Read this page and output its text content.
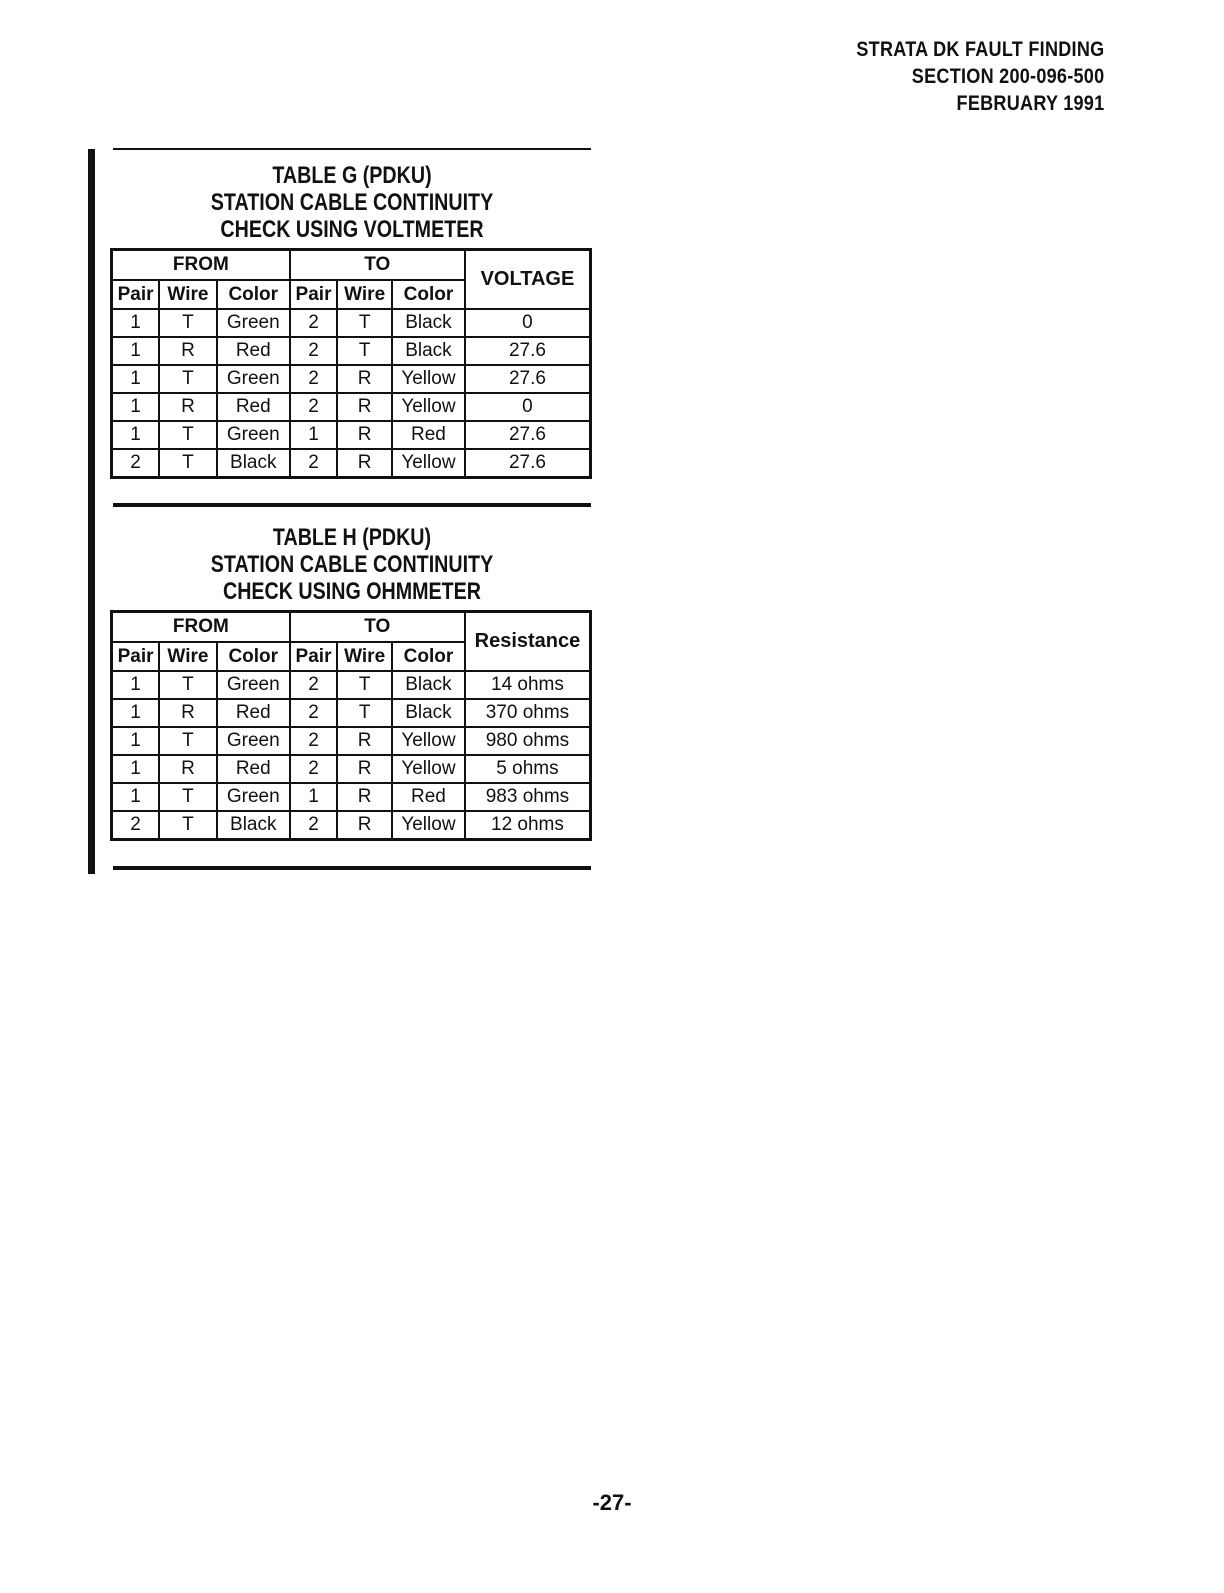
STRATA DK FAULT FINDING
SECTION 200-096-500
FEBRUARY 1991
TABLE G (PDKU)
STATION CABLE CONTINUITY
CHECK USING VOLTMETER
FROM			TO			VOLTAGE
Pair	Wire	Color	Pair	Wire	Color	
1	T	Green	2	T	Black	0
1	R	Red	2	T	Black	27.6
1	T	Green	2	R	Yellow	27.6
1	R	Red	2	R	Yellow	0
1	T	Green	1	R	Red	27.6
2	T	Black	2	R	Yellow	27.6
TABLE H (PDKU)
STATION CABLE CONTINUITY
CHECK USING OHMMETER
FROM			TO			Resistance
Pair	Wire	Color	Pair	Wire	Color	
1	T	Green	2	T	Black	14 ohms
1	R	Red	2	T	Black	370 ohms
1	T	Green	2	R	Yellow	980 ohms
1	R	Red	2	R	Yellow	5 ohms
1	T	Green	1	R	Red	983 ohms
2	T	Black	2	R	Yellow	12 ohms
-27-
